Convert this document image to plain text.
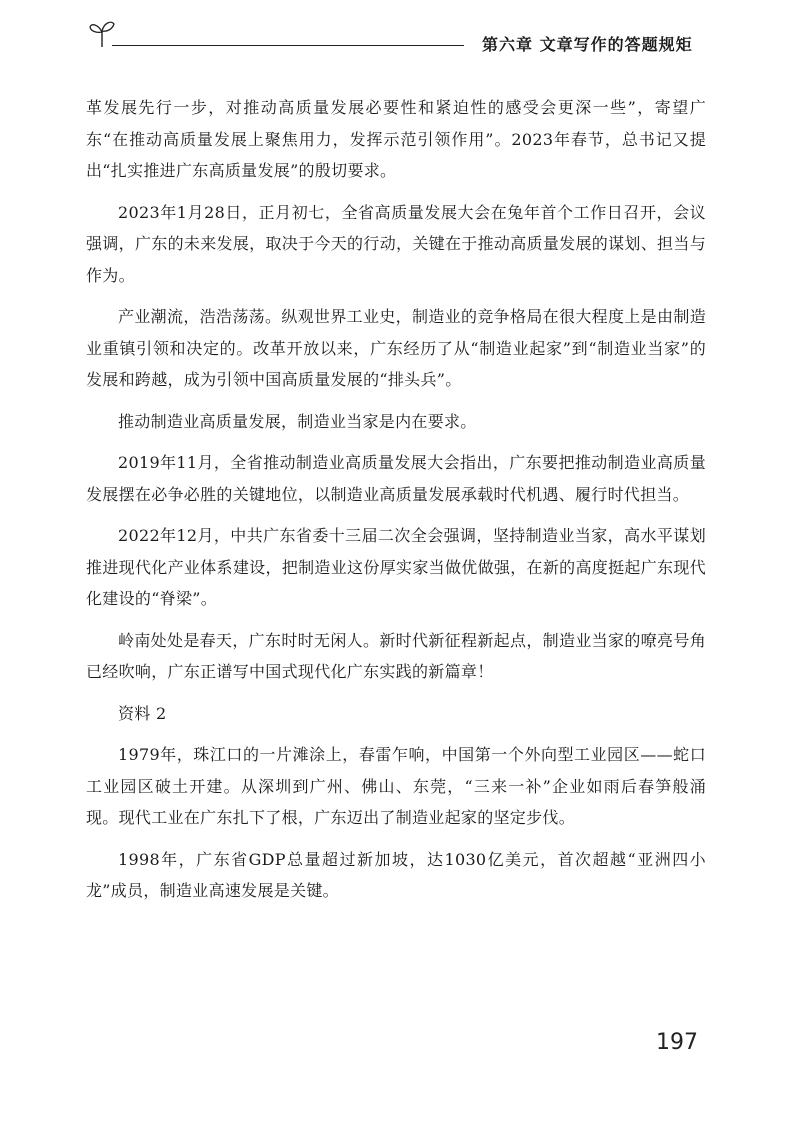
第六章 文章写作的答题规矩

革发展先行一步，对推动高质量发展必要性和紧迫性的感受会更深一些”，寄望广东“在推动高质量发展上聚焦用力，发挥示范引领作用”。2023年春节，总书记又提出“扎实推进广东高质量发展”的殷切要求。

2023年1月28日，正月初七，全省高质量发展大会在兔年首个工作日召开，会议强调，广东的未来发展，取决于今天的行动，关键在于推动高质量发展的谋划、担当与作为。

产业潮流，浩浩荡荡。纵观世界工业史，制造业的竞争格局在很大程度上是由制造业重镇引领和决定的。改革开放以来，广东经历了从“制造业起家”到“制造业当家”的发展和跨越，成为引领中国高质量发展的“排头兵”。

推动制造业高质量发展，制造业当家是内在要求。

2019年11月，全省推动制造业高质量发展大会指出，广东要把推动制造业高质量发展摆在必争必胜的关键地位，以制造业高质量发展承载时代机遇、履行时代担当。

2022年12月，中共广东省委十三届二次全会强调，坚持制造业当家，高水平谋划推进现代化产业体系建设，把制造业这份厚实家当做优做强，在新的高度挺起广东现代化建设的“脊梁”。

岭南处处是春天，广东时时无闲人。新时代新征程新起点，制造业当家的嘹亮号角已经吹响，广东正谱写中国式现代化广东实践的新篇章！

资料 2

1979年，珠江口的一片滩涂上，春雷乍响，中国第一个外向型工业园区——蛇口工业园区破土开建。从深圳到广州、佛山、东莞，“三来一补”企业如雨后春笋般涌现。现代工业在广东扎下了根，广东迈出了制造业起家的坚定步伐。

1998年，广东省GDP总量超过新加坡，达1030亿美元，首次超越“亚洲四小龙”成员，制造业高速发展是关键。

197
